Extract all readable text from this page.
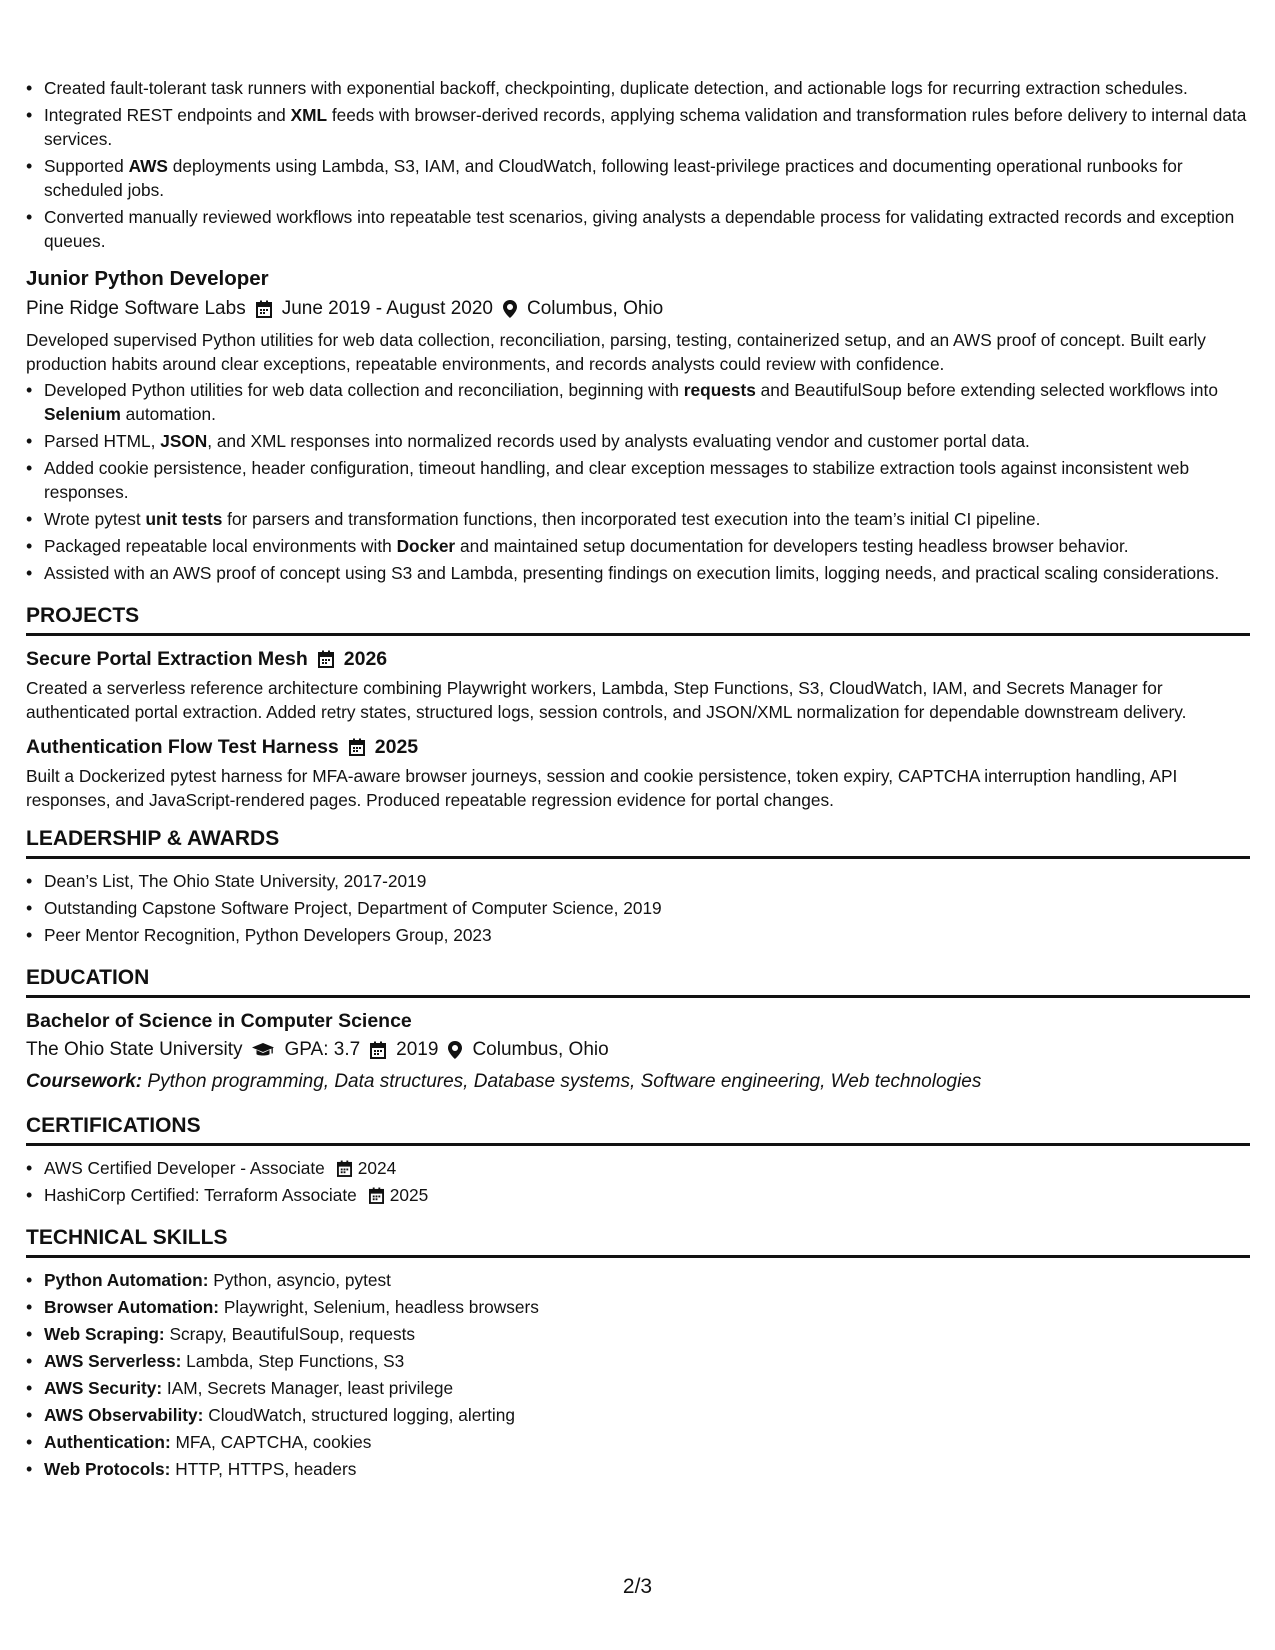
• Created fault-tolerant task runners with exponential backoff, checkpointing, duplicate detection, and actionable logs for recurring extraction schedules.
• Integrated REST endpoints and XML feeds with browser-derived records, applying schema validation and transformation rules before delivery to internal data services.
• Supported AWS deployments using Lambda, S3, IAM, and CloudWatch, following least-privilege practices and documenting operational runbooks for scheduled jobs.
• Converted manually reviewed workflows into repeatable test scenarios, giving analysts a dependable process for validating extracted records and exception queues.
Junior Python Developer
Pine Ridge Software Labs June 2019 - August 2020 Columbus, Ohio
Developed supervised Python utilities for web data collection, reconciliation, parsing, testing, containerized setup, and an AWS proof of concept. Built early production habits around clear exceptions, repeatable environments, and records analysts could review with confidence.
• Developed Python utilities for web data collection and reconciliation, beginning with requests and BeautifulSoup before extending selected workflows into Selenium automation.
• Parsed HTML, JSON, and XML responses into normalized records used by analysts evaluating vendor and customer portal data.
• Added cookie persistence, header configuration, timeout handling, and clear exception messages to stabilize extraction tools against inconsistent web responses.
• Wrote pytest unit tests for parsers and transformation functions, then incorporated test execution into the team’s initial CI pipeline.
• Packaged repeatable local environments with Docker and maintained setup documentation for developers testing headless browser behavior.
• Assisted with an AWS proof of concept using S3 and Lambda, presenting findings on execution limits, logging needs, and practical scaling considerations.
PROJECTS
Secure Portal Extraction Mesh 2026
Created a serverless reference architecture combining Playwright workers, Lambda, Step Functions, S3, CloudWatch, IAM, and Secrets Manager for authenticated portal extraction. Added retry states, structured logs, session controls, and JSON/XML normalization for dependable downstream delivery.
Authentication Flow Test Harness 2025
Built a Dockerized pytest harness for MFA-aware browser journeys, session and cookie persistence, token expiry, CAPTCHA interruption handling, API responses, and JavaScript-rendered pages. Produced repeatable regression evidence for portal changes.
LEADERSHIP & AWARDS
• Dean’s List, The Ohio State University, 2017-2019
• Outstanding Capstone Software Project, Department of Computer Science, 2019
• Peer Mentor Recognition, Python Developers Group, 2023
EDUCATION
Bachelor of Science in Computer Science
The Ohio State University GPA: 3.7 2019 Columbus, Ohio
Coursework: Python programming, Data structures, Database systems, Software engineering, Web technologies
CERTIFICATIONS
• AWS Certified Developer - Associate 2024
• HashiCorp Certified: Terraform Associate 2025
TECHNICAL SKILLS
• Python Automation: Python, asyncio, pytest
• Browser Automation: Playwright, Selenium, headless browsers
• Web Scraping: Scrapy, BeautifulSoup, requests
• AWS Serverless: Lambda, Step Functions, S3
• AWS Security: IAM, Secrets Manager, least privilege
• AWS Observability: CloudWatch, structured logging, alerting
• Authentication: MFA, CAPTCHA, cookies
• Web Protocols: HTTP, HTTPS, headers
2/3
